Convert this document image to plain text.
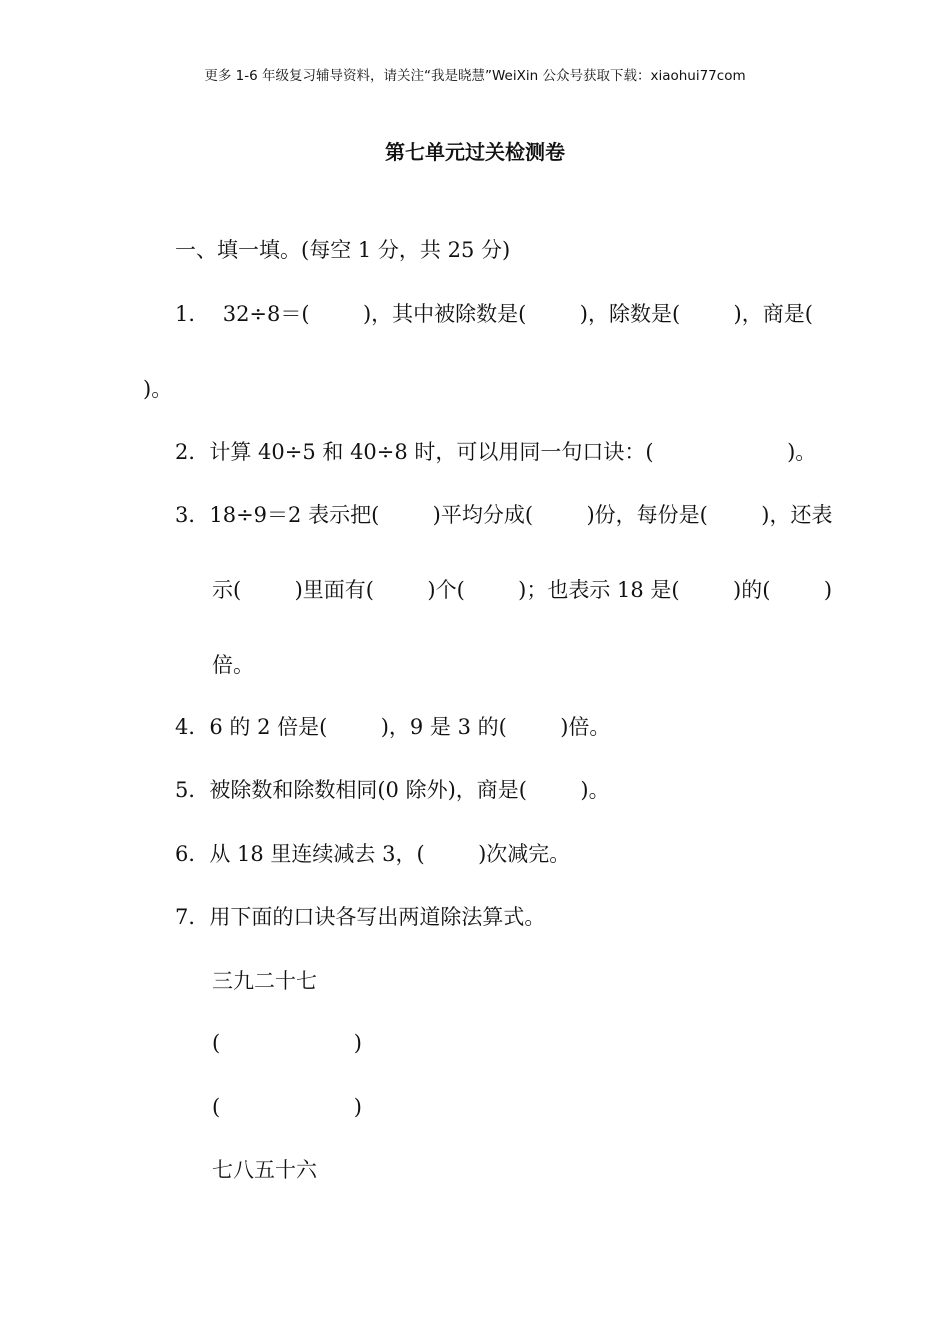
更多 1-6 年级复习辅导资料，请关注“我是晓慧”WeiXin 公众号获取下载：xiaohui77com
第七单元过关检测卷
一、填一填。(每空 1 分，共 25 分)
1．  32÷8＝(        )，其中被除数是(        )，除数是(        )，商是(
)。
2．计算 40÷5 和 40÷8 时，可以用同一句口诀：(                    )。
3．18÷9＝2 表示把(        )平均分成(        )份，每份是(        )，还表
示(        )里面有(        )个(        )；也表示 18 是(        )的(        )
倍。
4．6 的 2 倍是(        )，9 是 3 的(        )倍。
5．被除数和除数相同(0 除外)，商是(        )。
6．从 18 里连续减去 3，(        )次减完。
7．用下面的口诀各写出两道除法算式。
三九二十七
(                    )
(                    )
七八五十六
